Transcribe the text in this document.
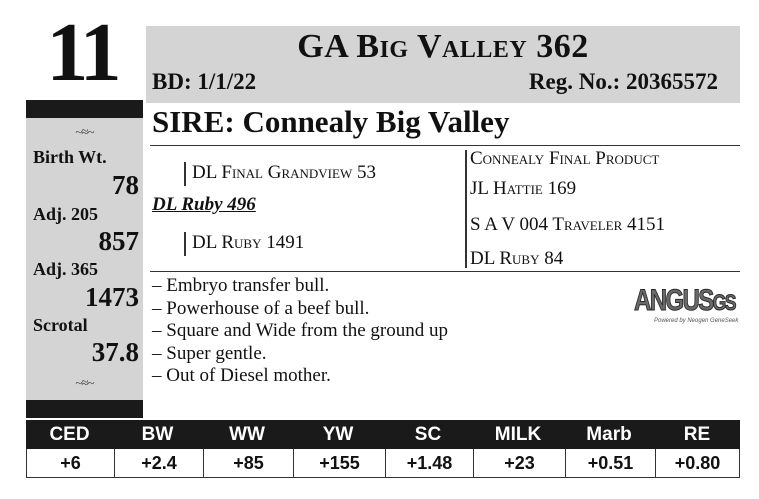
11	GA Big Valley 362
BD: 1/1/22	Reg. No.: 20365572
~≈~
Birth Wt.
78
Adj. 205
857
Adj. 365
1473
Scrotal
37.8
~≈~
SIRE: Connealy Big Valley
DL Final Grandview 53
DL Ruby 496
DL Ruby 1491
Connealy Final Product
JL Hattie 169
S A V 004 Traveler 4151
DL Ruby 84
– Embryo transfer bull.
– Powerhouse of a beef bull.
– Square and Wide from the ground up
– Super gentle.
– Out of Diesel mother.
ANGUSGS
Powered by Neogen GeneSeek
CED	BW	WW	YW	SC	MILK	Marb	RE
+6	+2.4	+85	+155	+1.48	+23	+0.51	+0.80
